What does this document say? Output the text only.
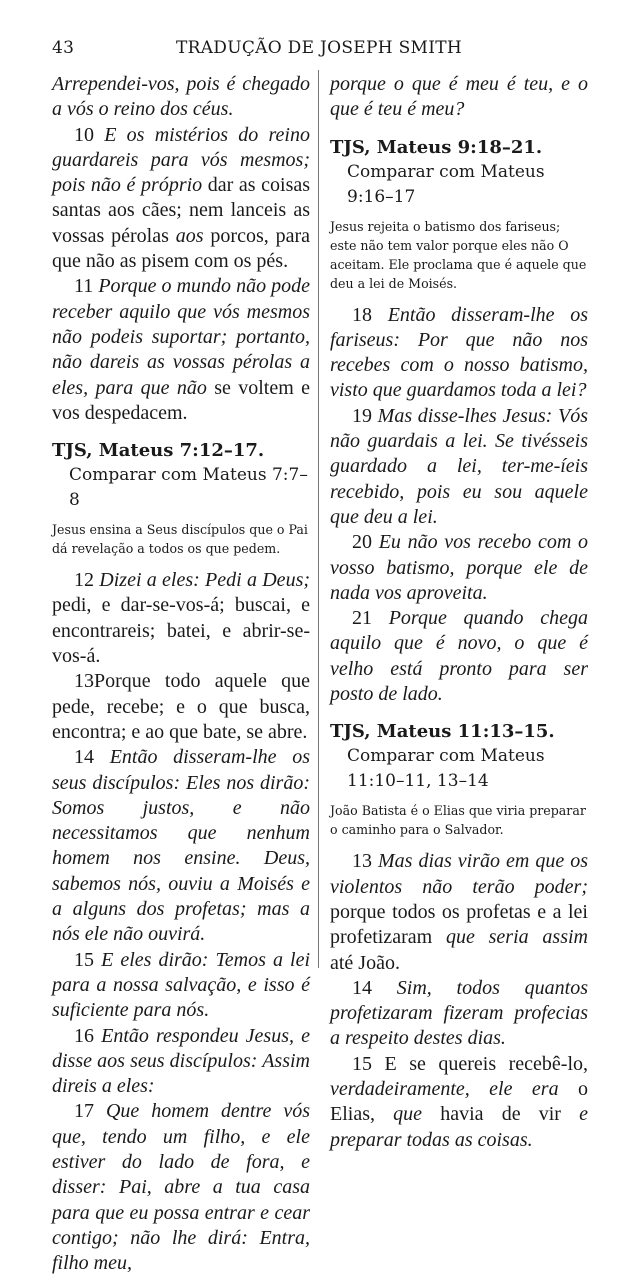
43	TRADUÇÃO DE JOSEPH SMITH

Arrependei-vos, pois é chegado a vós o reino dos céus.

10 E os mistérios do reino guardareis para vós mesmos; pois não é próprio dar as coisas santas aos cães; nem lanceis as vossas pérolas aos porcos, para que não as pisem com os pés.

11 Porque o mundo não pode receber aquilo que vós mesmos não podeis suportar; portanto, não dareis as vossas pérolas a eles, para que não se voltem e vos despedacem.

TJS, Mateus 7:12–17.

Comparar com Mateus 7:7–8

Jesus ensina a Seus discípulos que o Pai dá revelação a todos os que pedem.

12 Dizei a eles: Pedi a Deus; pedi, e dar-se-vos-á; buscai, e encontrareis; batei, e abrir-se-vos-á.

13Porque todo aquele que pede, recebe; e o que busca, encontra; e ao que bate, se abre.

14 Então disseram-lhe os seus discípulos: Eles nos dirão: Somos justos, e não necessitamos que nenhum homem nos ensine. Deus, sabemos nós, ouviu a Moisés e a alguns dos profetas; mas a nós ele não ouvirá.

15 E eles dirão: Temos a lei para a nossa salvação, e isso é suficiente para nós.

16 Então respondeu Jesus, e disse aos seus discípulos: Assim direis a eles:

17 Que homem dentre vós que, tendo um filho, e ele estiver do lado de fora, e disser: Pai, abre a tua casa para que eu possa entrar e cear contigo; não lhe dirá: Entra, filho meu,

porque o que é meu é teu, e o que é teu é meu?

TJS, Mateus 9:18–21.

Comparar com Mateus

9:16–17

Jesus rejeita o batismo dos fariseus; este não tem valor porque eles não O aceitam. Ele proclama que é aquele que deu a lei de Moisés.

18 Então disseram-lhe os fariseus: Por que não nos recebes com o nosso batismo, visto que guardamos toda a lei?

19 Mas disse-lhes Jesus: Vós não guardais a lei. Se tivésseis guardado a lei, ter-me-íeis recebido, pois eu sou aquele que deu a lei.

20 Eu não vos recebo com o vosso batismo, porque ele de nada vos aproveita.

21 Porque quando chega aquilo que é novo, o que é velho está pronto para ser posto de lado.

TJS, Mateus 11:13–15.

Comparar com Mateus

11:10–11, 13–14

João Batista é o Elias que viria preparar o caminho para o Salvador.

13 Mas dias virão em que os violentos não terão poder; porque todos os profetas e a lei profetizaram que seria assim até João.

14 Sim, todos quantos profetizaram fizeram profecias a respeito destes dias.

15 E se quereis recebê-lo, verdadeiramente, ele era o Elias, que havia de vir e preparar todas as coisas.
